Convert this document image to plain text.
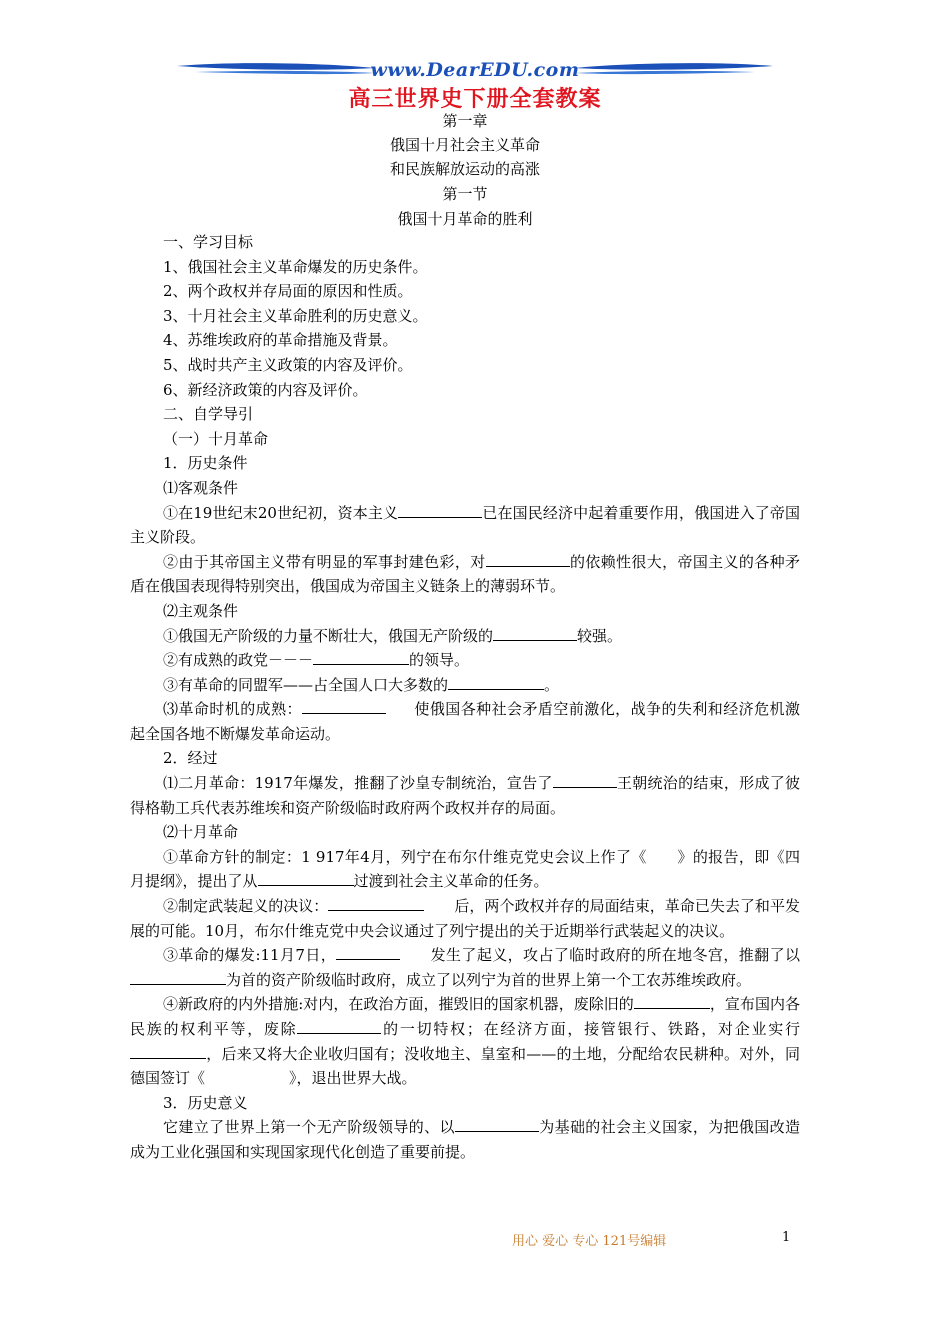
www.DearEDU.com
高三世界史下册全套教案
第一章
俄国十月社会主义革命
和民族解放运动的高涨
第一节
俄国十月革命的胜利
一、学习目标
1、俄国社会主义革命爆发的历史条件。
2、两个政权并存局面的原因和性质。
3、十月社会主义革命胜利的历史意义。
4、苏维埃政府的革命措施及背景。
5、战时共产主义政策的内容及评价。
6、新经济政策的内容及评价。
二、自学导引
（一）十月革命
1．历史条件
⑴客观条件
①在19世纪末20世纪初，资本主义	已在国民经济中起着重要作用，俄国进入了帝国主义阶段。
②由于其帝国主义带有明显的军事封建色彩，对	的依赖性很大，帝国主义的各种矛盾在俄国表现得特别突出，俄国成为帝国主义链条上的薄弱环节。
⑵主观条件
①俄国无产阶级的力量不断壮大，俄国无产阶级的	较强。
②有成熟的政党－－－	的领导。
③有革命的同盟军——占全国人口大多数的	。
⑶革命时机的成熟：	使俄国各种社会矛盾空前激化，战争的失利和经济危机激起全国各地不断爆发革命运动。
2．经过
⑴二月革命：1917年爆发，推翻了沙皇专制统治，宣告了	王朝统治的结束，形成了彼得格勒工兵代表苏维埃和资产阶级临时政府两个政权并存的局面。
⑵十月革命
①革命方针的制定：1 917年4月，列宁在布尔什维克党史会议上作了《　　》的报告，即《四月提纲》，提出了从	过渡到社会主义革命的任务。
②制定武装起义的决议：	后，两个政权并存的局面结束，革命已失去了和平发展的可能。10月，布尔什维克党中央会议通过了列宁提出的关于近期举行武装起义的决议。
③革命的爆发:11月7日，	发生了起义，攻占了临时政府的所在地冬宫，推翻了以为首的资产阶级临时政府，成立了以列宁为首的世界上第一个工农苏维埃政府。
④新政府的内外措施:对内，在政治方面，摧毁旧的国家机器，废除旧的	，宣布国内各民族的权利平等，废除	的一切特权；在经济方面，接管银行、铁路，对企业实行，后来又将大企业收归国有；没收地主、皇室和——的土地，分配给农民耕种。对外，同德国签订《	》，退出世界大战。
3．历史意义
它建立了世界上第一个无产阶级领导的、以	为基础的社会主义国家，为把俄国改造成为工业化强国和实现国家现代化创造了重要前提。
用心 爱心 专心 121号编辑	1
